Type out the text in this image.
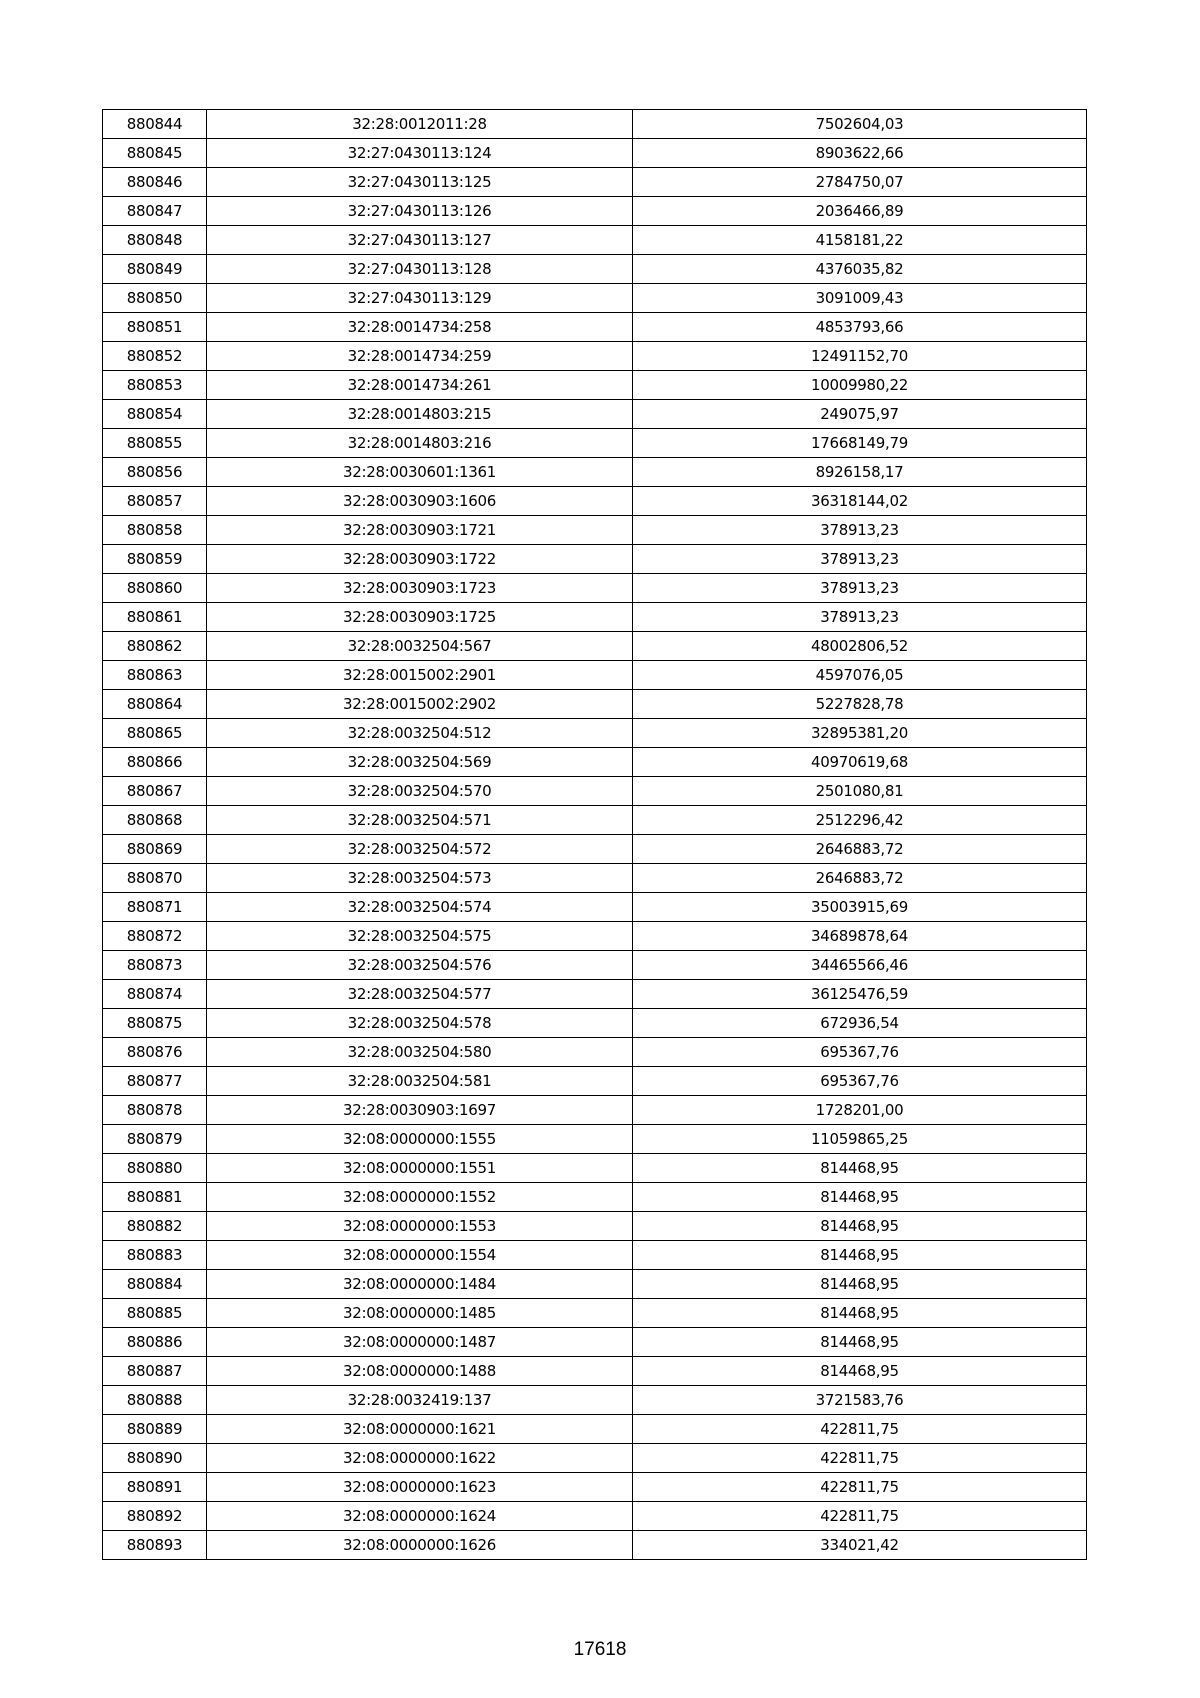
880844	32:28:0012011:28	7502604,03
880845	32:27:0430113:124	8903622,66
880846	32:27:0430113:125	2784750,07
880847	32:27:0430113:126	2036466,89
880848	32:27:0430113:127	4158181,22
880849	32:27:0430113:128	4376035,82
880850	32:27:0430113:129	3091009,43
880851	32:28:0014734:258	4853793,66
880852	32:28:0014734:259	12491152,70
880853	32:28:0014734:261	10009980,22
880854	32:28:0014803:215	249075,97
880855	32:28:0014803:216	17668149,79
880856	32:28:0030601:1361	8926158,17
880857	32:28:0030903:1606	36318144,02
880858	32:28:0030903:1721	378913,23
880859	32:28:0030903:1722	378913,23
880860	32:28:0030903:1723	378913,23
880861	32:28:0030903:1725	378913,23
880862	32:28:0032504:567	48002806,52
880863	32:28:0015002:2901	4597076,05
880864	32:28:0015002:2902	5227828,78
880865	32:28:0032504:512	32895381,20
880866	32:28:0032504:569	40970619,68
880867	32:28:0032504:570	2501080,81
880868	32:28:0032504:571	2512296,42
880869	32:28:0032504:572	2646883,72
880870	32:28:0032504:573	2646883,72
880871	32:28:0032504:574	35003915,69
880872	32:28:0032504:575	34689878,64
880873	32:28:0032504:576	34465566,46
880874	32:28:0032504:577	36125476,59
880875	32:28:0032504:578	672936,54
880876	32:28:0032504:580	695367,76
880877	32:28:0032504:581	695367,76
880878	32:28:0030903:1697	1728201,00
880879	32:08:0000000:1555	11059865,25
880880	32:08:0000000:1551	814468,95
880881	32:08:0000000:1552	814468,95
880882	32:08:0000000:1553	814468,95
880883	32:08:0000000:1554	814468,95
880884	32:08:0000000:1484	814468,95
880885	32:08:0000000:1485	814468,95
880886	32:08:0000000:1487	814468,95
880887	32:08:0000000:1488	814468,95
880888	32:28:0032419:137	3721583,76
880889	32:08:0000000:1621	422811,75
880890	32:08:0000000:1622	422811,75
880891	32:08:0000000:1623	422811,75
880892	32:08:0000000:1624	422811,75
880893	32:08:0000000:1626	334021,42
17618
